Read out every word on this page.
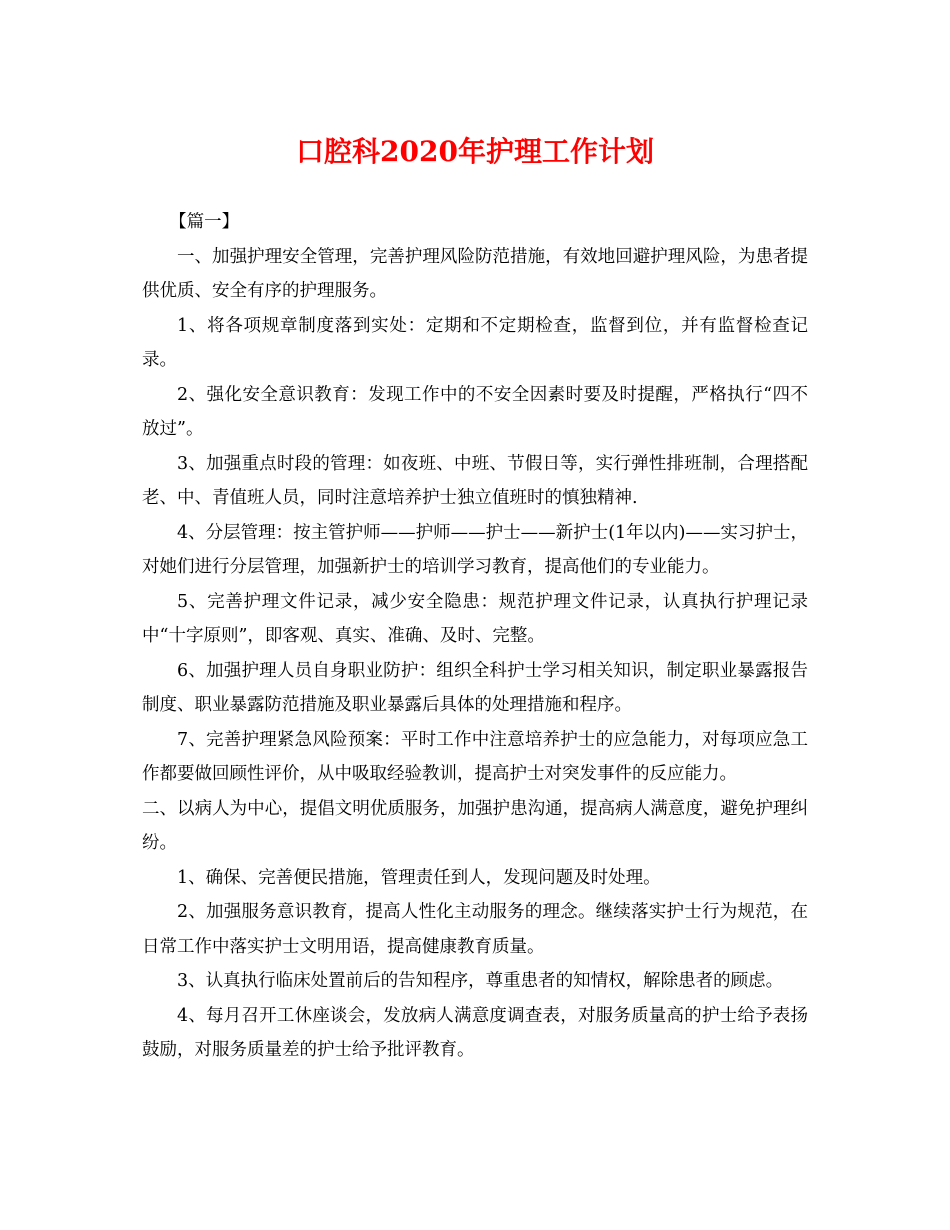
口腔科2020年护理工作计划

【篇一】

一、加强护理安全管理，完善护理风险防范措施，有效地回避护理风险，为患者提供优质、安全有序的护理服务。

1、将各项规章制度落到实处：定期和不定期检查，监督到位，并有监督检查记录。

2、强化安全意识教育：发现工作中的不安全因素时要及时提醒，严格执行“四不放过”。

3、加强重点时段的管理：如夜班、中班、节假日等，实行弹性排班制，合理搭配老、中、青值班人员，同时注意培养护士独立值班时的慎独精神.

4、分层管理：按主管护师——护师——护士——新护士(1年以内)——实习护士，对她们进行分层管理，加强新护士的培训学习教育，提高他们的专业能力。

5、完善护理文件记录，减少安全隐患：规范护理文件记录，认真执行护理记录中“十字原则”，即客观、真实、准确、及时、完整。

6、加强护理人员自身职业防护：组织全科护士学习相关知识，制定职业暴露报告制度、职业暴露防范措施及职业暴露后具体的处理措施和程序。

7、完善护理紧急风险预案：平时工作中注意培养护士的应急能力，对每项应急工作都要做回顾性评价，从中吸取经验教训，提高护士对突发事件的反应能力。

二、以病人为中心，提倡文明优质服务，加强护患沟通，提高病人满意度，避免护理纠纷。

1、确保、完善便民措施，管理责任到人，发现问题及时处理。

2、加强服务意识教育，提高人性化主动服务的理念。继续落实护士行为规范，在日常工作中落实护士文明用语，提高健康教育质量。

3、认真执行临床处置前后的告知程序，尊重患者的知情权，解除患者的顾虑。

4、每月召开工休座谈会，发放病人满意度调查表，对服务质量高的护士给予表扬鼓励，对服务质量差的护士给予批评教育。
